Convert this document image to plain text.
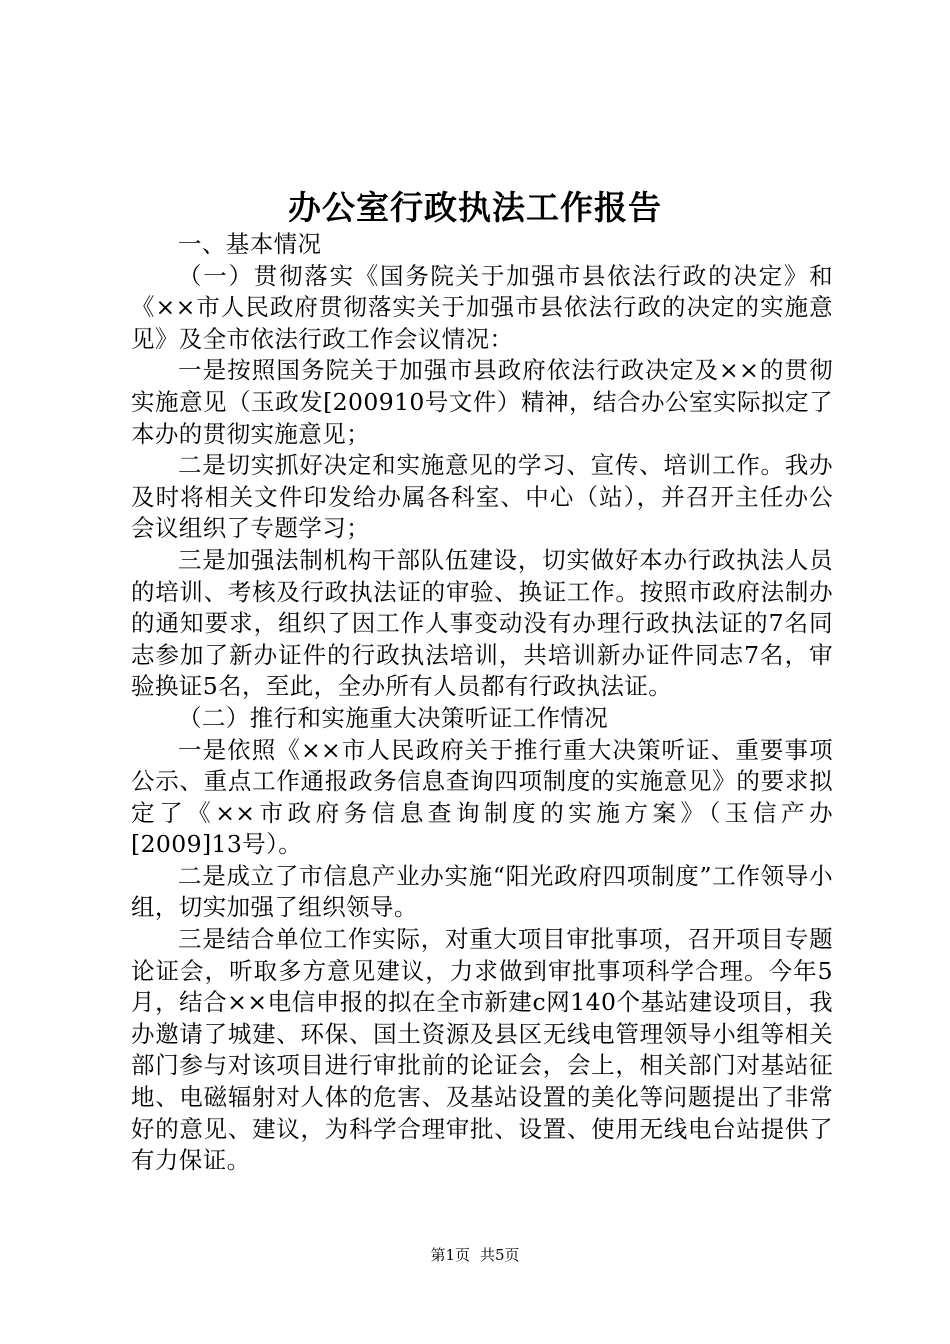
办公室行政执法工作报告

一、基本情况

（一）贯彻落实《国务院关于加强市县依法行政的决定》和《××市人民政府贯彻落实关于加强市县依法行政的决定的实施意见》及全市依法行政工作会议情况：

一是按照国务院关于加强市县政府依法行政决定及××的贯彻实施意见（玉政发[200910号文件）精神，结合办公室实际拟定了本办的贯彻实施意见；

二是切实抓好决定和实施意见的学习、宣传、培训工作。我办及时将相关文件印发给办属各科室、中心（站），并召开主任办公会议组织了专题学习；

三是加强法制机构干部队伍建设，切实做好本办行政执法人员的培训、考核及行政执法证的审验、换证工作。按照市政府法制办的通知要求，组织了因工作人事变动没有办理行政执法证的7名同志参加了新办证件的行政执法培训，共培训新办证件同志7名，审验换证5名，至此，全办所有人员都有行政执法证。

（二）推行和实施重大决策听证工作情况

一是依照《××市人民政府关于推行重大决策听证、重要事项公示、重点工作通报政务信息查询四项制度的实施意见》的要求拟定了《××市政府务信息查询制度的实施方案》（玉信产办[2009]13号）。

二是成立了市信息产业办实施“阳光政府四项制度”工作领导小组，切实加强了组织领导。

三是结合单位工作实际，对重大项目审批事项，召开项目专题论证会，听取多方意见建议，力求做到审批事项科学合理。今年5月，结合××电信申报的拟在全市新建c网140个基站建设项目，我办邀请了城建、环保、国土资源及县区无线电管理领导小组等相关部门参与对该项目进行审批前的论证会，会上，相关部门对基站征地、电磁辐射对人体的危害、及基站设置的美化等问题提出了非常好的意见、建议，为科学合理审批、设置、使用无线电台站提供了有力保证。

第1页 共5页
